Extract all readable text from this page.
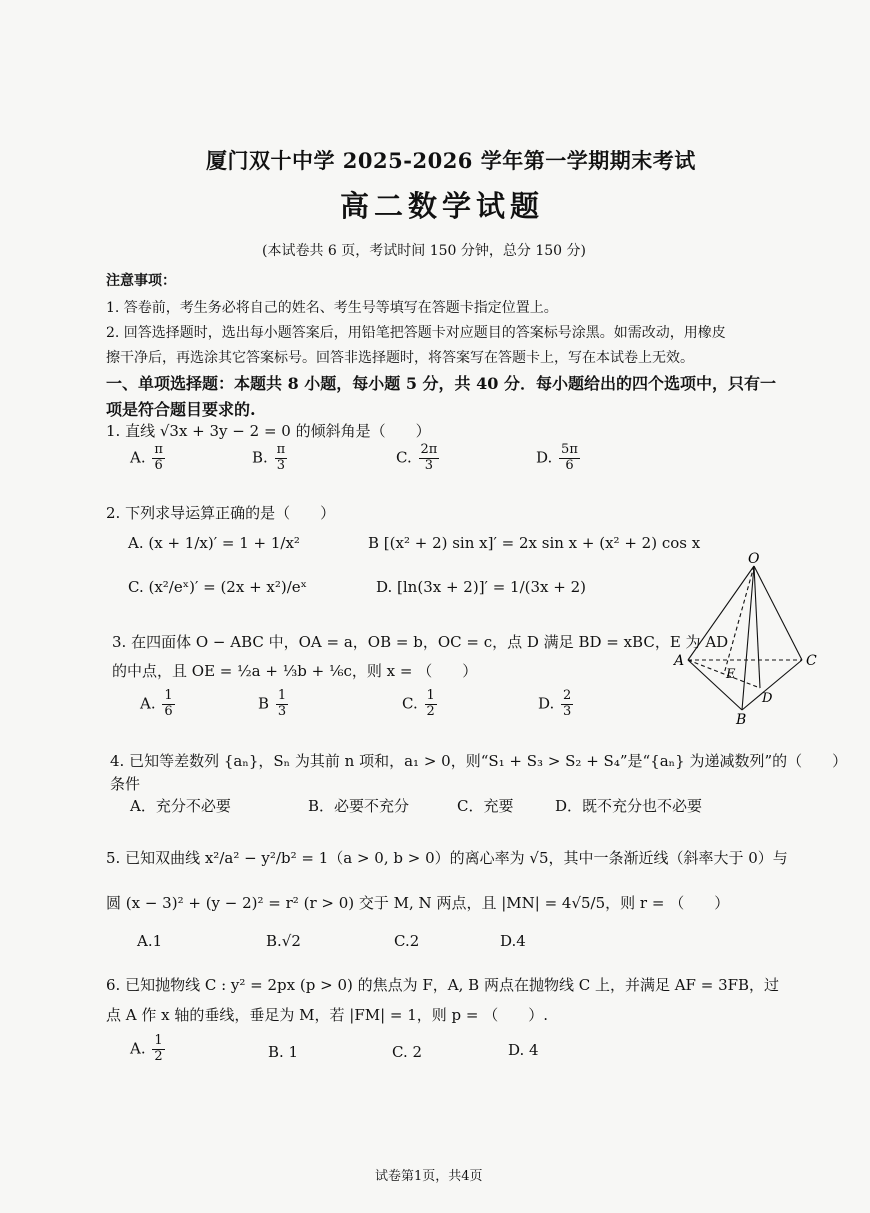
厦门双十中学 2025-2026 学年第一学期期末考试
高二数学试题
(本试卷共 6 页，考试时间 150 分钟，总分 150 分)
注意事项：
1. 答卷前，考生务必将自己的姓名、考生号等填写在答题卡指定位置上。
2. 回答选择题时，选出每小题答案后，用铅笔把答题卡对应题目的答案标号涂黑。如需改动，用橡皮
擦干净后，再选涂其它答案标号。回答非选择题时，将答案写在答题卡上，写在本试卷上无效。
一、单项选择题：本题共 8 小题，每小题 5 分，共 40 分．每小题给出的四个选项中，只有一
项是符合题目要求的.
1. 直线 √3x + 3y − 2 = 0 的倾斜角是（　　）
A. $\frac{\pi}{6}$	B. $\frac{\pi}{3}$	C. $\frac{2\pi}{3}$	D. $\frac{5\pi}{6}$
2. 下列求导运算正确的是（　　）
A. (x + 1/x)′ = 1 + 1/x²	B [(x² + 2) sin x]′ = 2x sin x + (x² + 2) cos x
C. (x²/eˣ)′ = (2x + x²)/eˣ	D. [ln(3x + 2)]′ = 1/(3x + 2)
3. 在四面体 O − ABC 中，OA = a，OB = b，OC = c，点 D 满足 BD = xBC，E 为 AD
的中点，且 OE = ½a + ⅓b + ⅙c，则 x = （　　）
A. $\frac{1}{6}$	B $\frac{1}{3}$	C. $\frac{1}{2}$	D. $\frac{2}{3}$
O
A	C
E
D
B
4. 已知等差数列 {aₙ}，Sₙ 为其前 n 项和，a₁ > 0，则“S₁ + S₃ > S₂ + S₄”是“{aₙ} 为递减数列”的（　　）
条件
A．充分不必要	B．必要不充分	C．充要	D．既不充分也不必要
5. 已知双曲线 x²/a² − y²/b² = 1（a > 0, b > 0）的离心率为 √5，其中一条渐近线（斜率大于 0）与
圆 (x − 3)² + (y − 2)² = r² (r > 0) 交于 M, N 两点，且 |MN| = 4√5/5，则 r = （　　）
A.1	B.√2	C.2	D.4
6. 已知抛物线 C : y² = 2px (p > 0) 的焦点为 F，A, B 两点在抛物线 C 上，并满足 AF = 3FB，过
点 A 作 x 轴的垂线，垂足为 M，若 |FM| = 1，则 p = （　　）.
A. $\frac{1}{2}$	B. 1	C. 2	D. 4
试卷第1页，共4页
